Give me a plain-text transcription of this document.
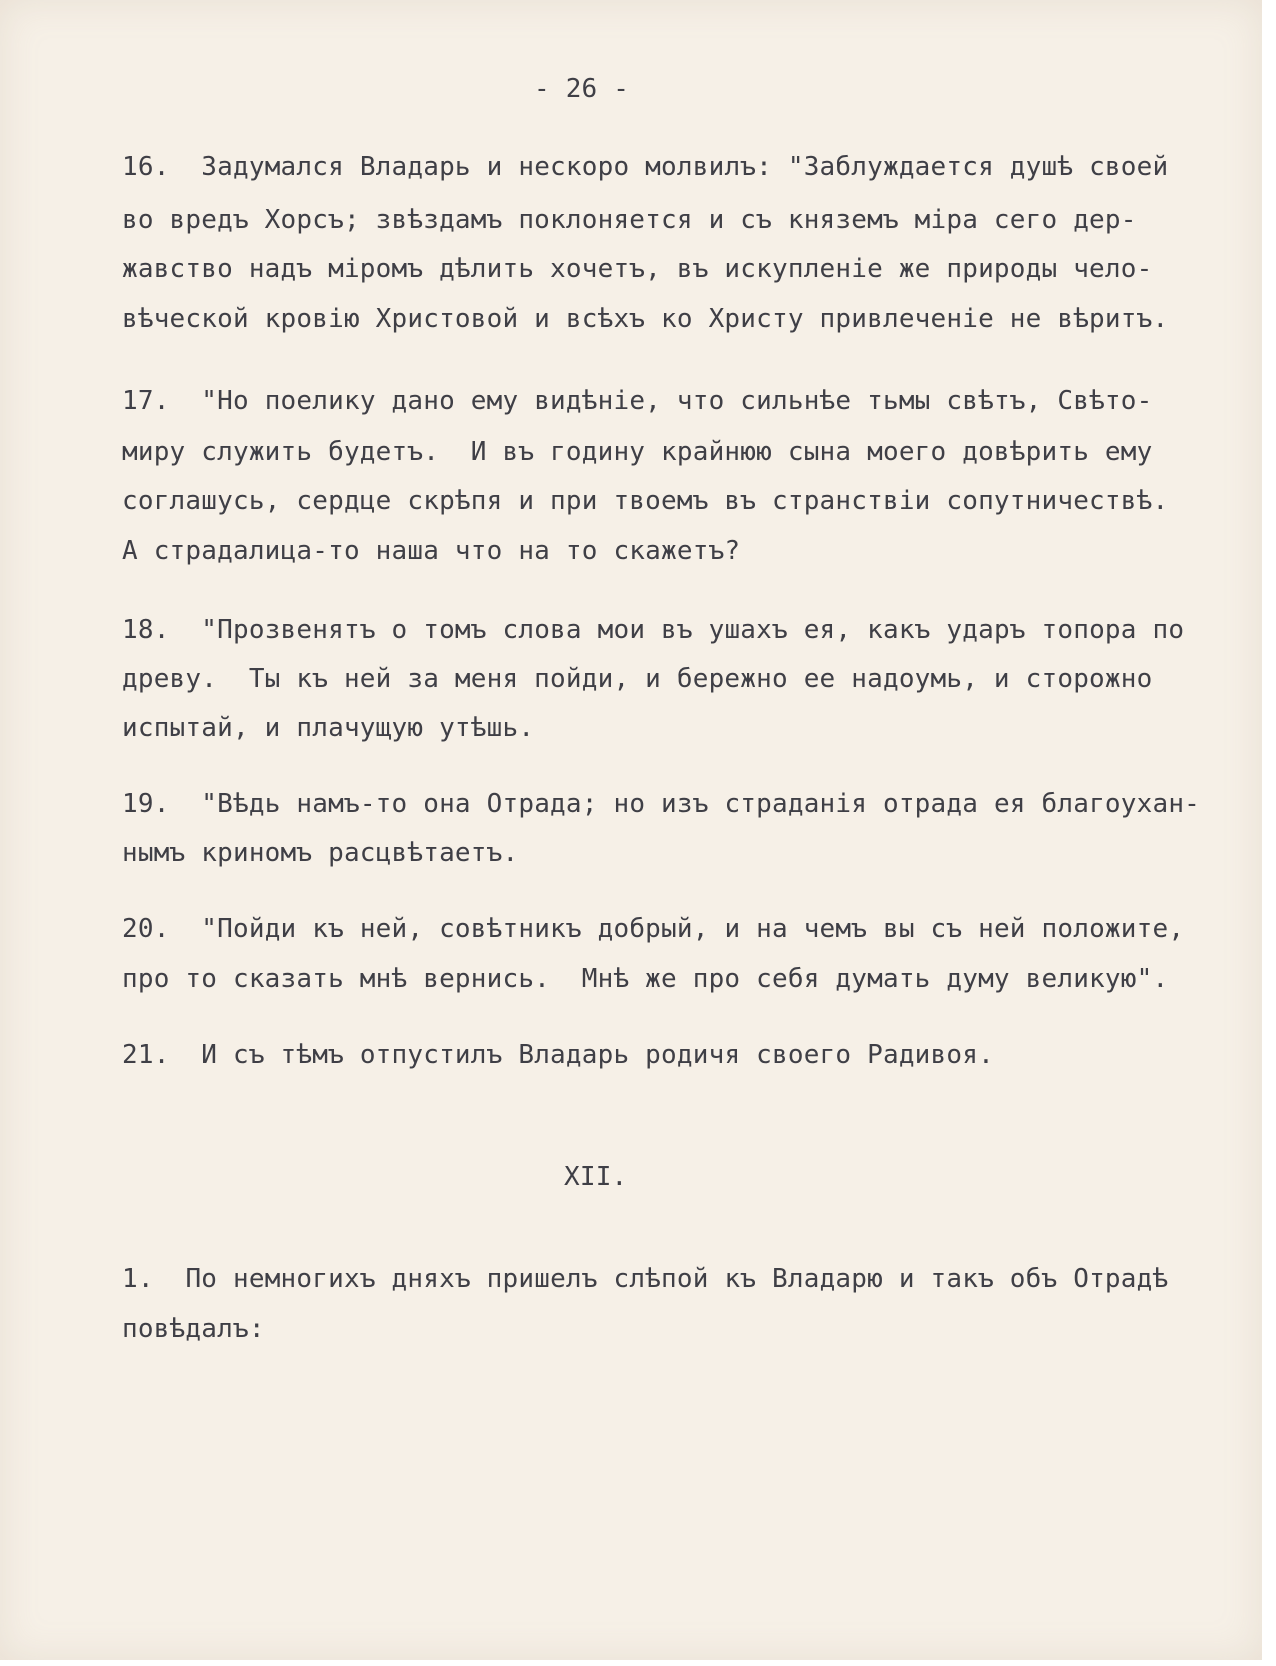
- 26 -
16. Задумался Владарь и нескоро молвилъ: "Заблуждается душѣ своей
во вредъ Хорсъ; звѣздамъ поклоняется и съ княземъ міра сего дер-
жавство надъ міромъ дѣлить хочетъ, въ искупленіе же природы чело-
вѣческой кровію Христовой и всѣхъ ко Христу привлеченіе не вѣритъ.
17. "Но поелику дано ему видѣніе, что сильнѣе тьмы свѣтъ, Свѣто-
миру служить будетъ.  И въ годину крайнюю сына моего довѣрить ему
соглашусь, сердце скрѣпя и при твоемъ въ странствіи сопутничествѣ.
А страдалица-то наша что на то скажетъ?
18. "Прозвенятъ о томъ слова мои въ ушахъ ея, какъ ударъ топора по
древу.  Ты къ ней за меня пойди, и бережно ее надоумь, и сторожно
испытай, и плачущую утѣшь.
19. "Вѣдь намъ-то она Отрада; но изъ страданія отрада ея благоухан-
нымъ криномъ расцвѣтаетъ.
20. "Пойди къ ней, совѣтникъ добрый, и на чемъ вы съ ней положите,
про то сказать мнѣ вернись.  Мнѣ же про себя думать думу великую".
21. И съ тѣмъ отпустилъ Владарь родичя своего Радивоя.
XII.
1. По немногихъ дняхъ пришелъ слѣпой къ Владарю и такъ объ Отрадѣ
повѣдалъ:
